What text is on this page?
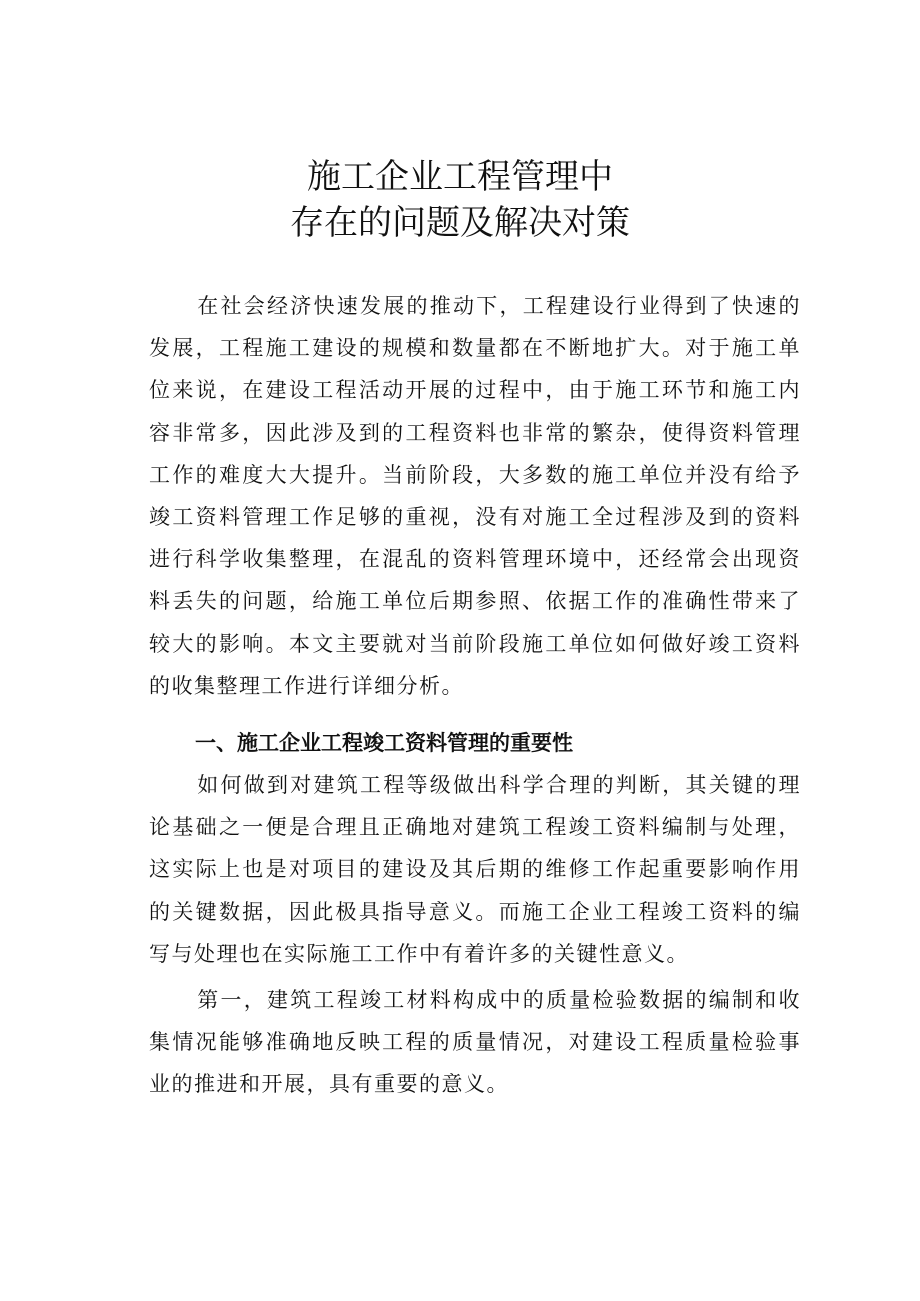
施工企业工程管理中
存在的问题及解决对策

在社会经济快速发展的推动下，工程建设行业得到了快速的发展，工程施工建设的规模和数量都在不断地扩大。对于施工单位来说，在建设工程活动开展的过程中，由于施工环节和施工内容非常多，因此涉及到的工程资料也非常的繁杂，使得资料管理工作的难度大大提升。当前阶段，大多数的施工单位并没有给予竣工资料管理工作足够的重视，没有对施工全过程涉及到的资料进行科学收集整理，在混乱的资料管理环境中，还经常会出现资料丢失的问题，给施工单位后期参照、依据工作的准确性带来了较大的影响。本文主要就对当前阶段施工单位如何做好竣工资料的收集整理工作进行详细分析。

一、施工企业工程竣工资料管理的重要性

如何做到对建筑工程等级做出科学合理的判断，其关键的理论基础之一便是合理且正确地对建筑工程竣工资料编制与处理，这实际上也是对项目的建设及其后期的维修工作起重要影响作用的关键数据，因此极具指导意义。而施工企业工程竣工资料的编写与处理也在实际施工工作中有着许多的关键性意义。

第一，建筑工程竣工材料构成中的质量检验数据的编制和收集情况能够准确地反映工程的质量情况，对建设工程质量检验事业的推进和开展，具有重要的意义。
